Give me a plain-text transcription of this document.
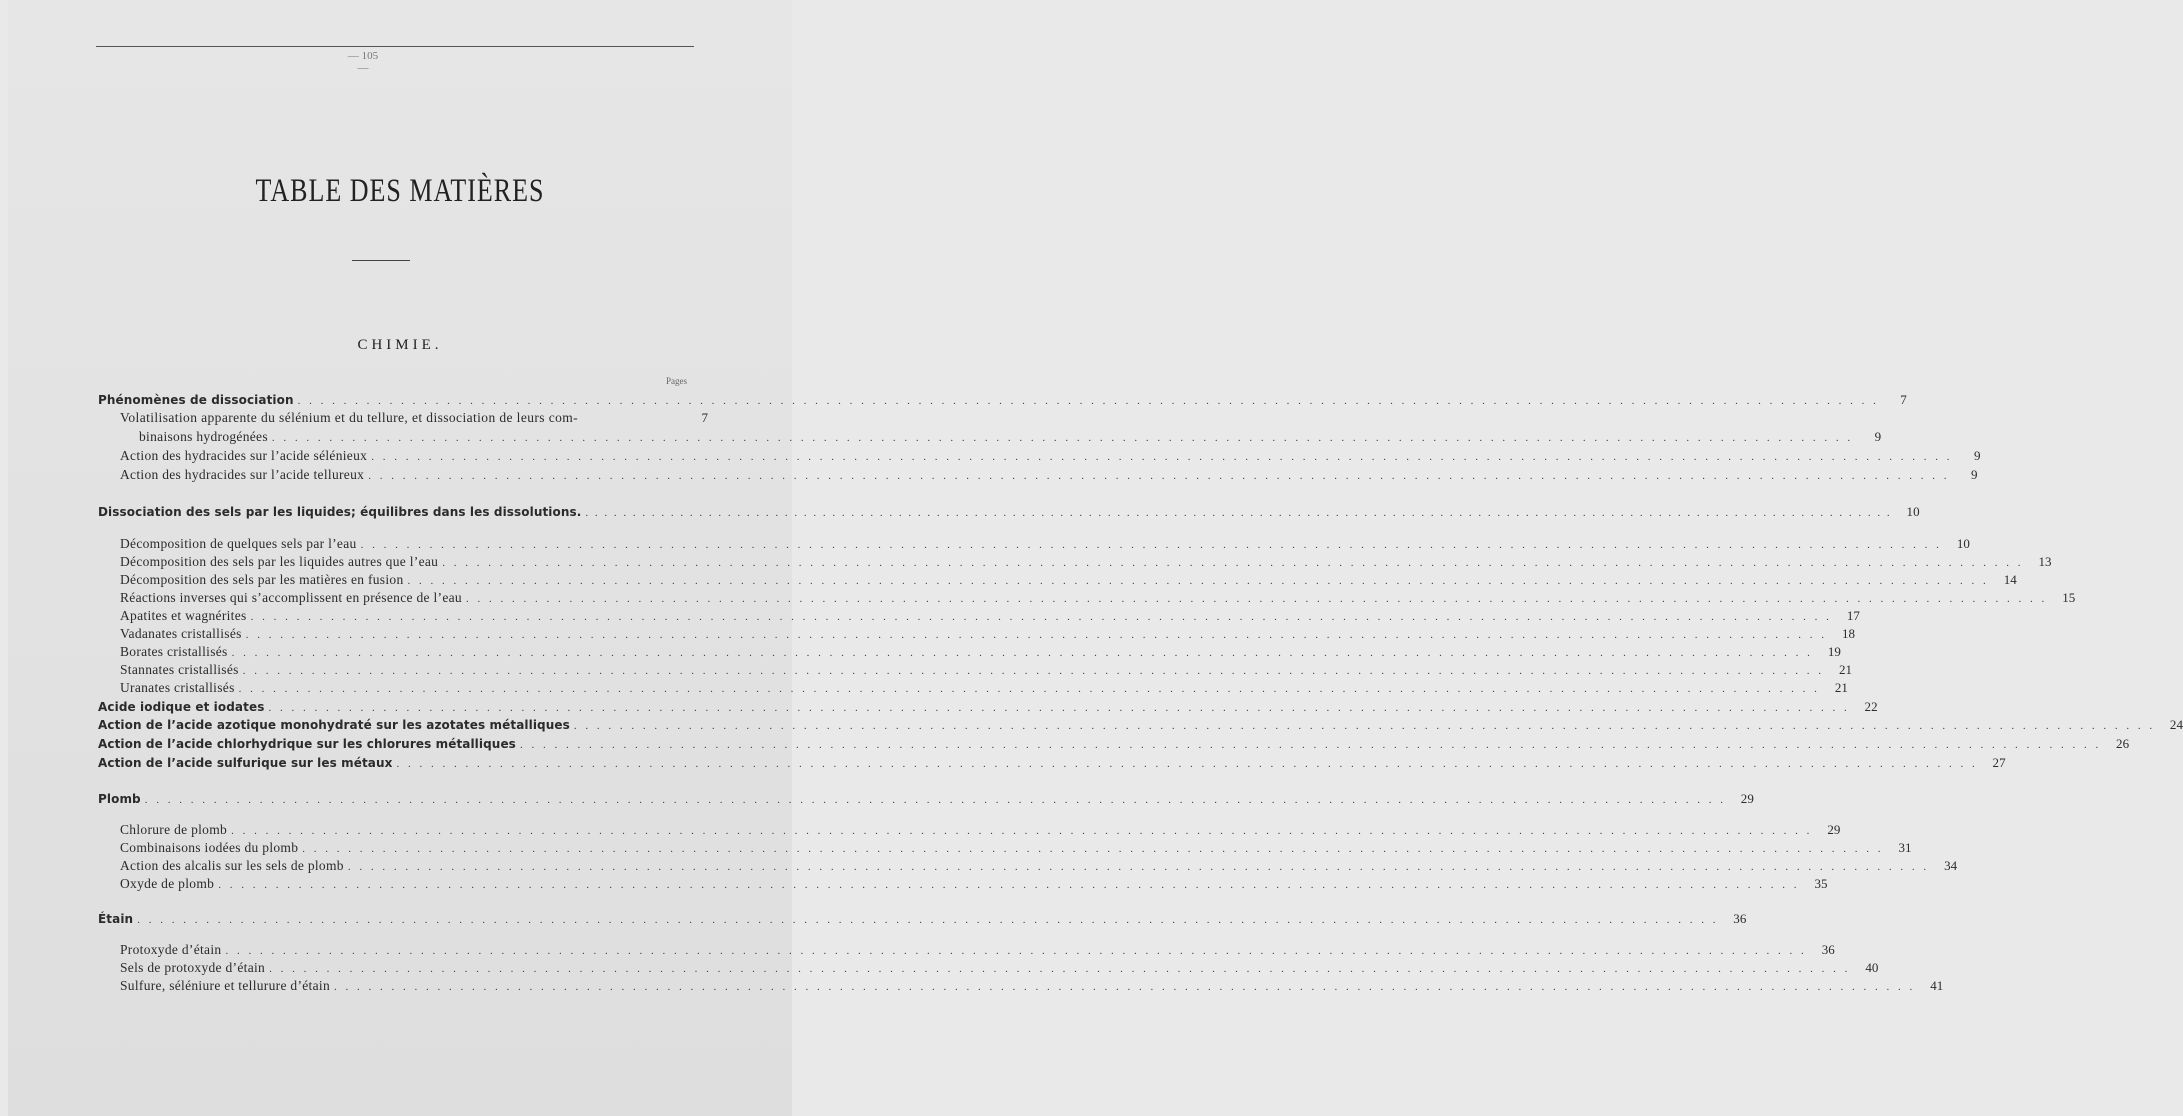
— 105 —
TABLE DES MATIÈRES
CHIMIE.
Pages
Phénomènes de dissociation . . .	7
Volatilisation apparente du sélénium et du tellure, et dissociation de leurs com-	7
binaisons hydrogénées . . .	9
Action des hydracides sur l’acide sélénieux . . .	9
Action des hydracides sur l’acide tellureux . . .	9
Dissociation des sels par les liquides; équilibres dans les dissolutions. . . .	10
Décomposition de quelques sels par l’eau . . .	10
Décomposition des sels par les liquides autres que l’eau . . .	13
Décomposition des sels par les matières en fusion . . .	14
Réactions inverses qui s’accomplissent en présence de l’eau . . .	15
Apatites et wagnérites . . .	17
Vadanates cristallisés . . .	18
Borates cristallisés . . .	19
Stannates cristallisés . . .	21
Uranates cristallisés . . .	21
Acide iodique et iodates . . .	22
Action de l’acide azotique monohydraté sur les azotates métalliques . . .	24
Action de l’acide chlorhydrique sur les chlorures métalliques . . .	26
Action de l’acide sulfurique sur les métaux . . .	27
Plomb . . .	29
Chlorure de plomb . . .	29
Combinaisons iodées du plomb . . .	31
Action des alcalis sur les sels de plomb . . .	34
Oxyde de plomb . . .	35
Étain . . .	36
Protoxyde d’étain . . .	36
Sels de protoxyde d’étain . . .	40
Sulfure, séléniure et tellurure d’étain . . .	41
